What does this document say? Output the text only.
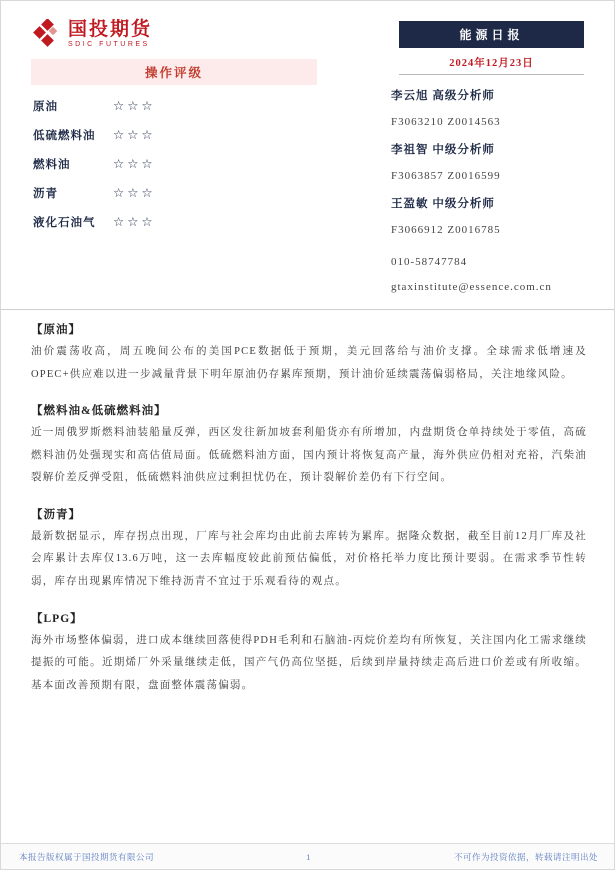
国投期货
SDIC FUTURES
能源日报
2024年12月23日
操作评级
原油	☆☆☆
低硫燃料油 ☆☆☆
燃料油	☆☆☆
沥青	☆☆☆
液化石油气 ☆☆☆
李云旭 高级分析师
F3063210 Z0014563
李祖智 中级分析师
F3063857 Z0016599
王盈敏 中级分析师
F3066912 Z0016785
010-58747784
gtaxinstitute@essence.com.cn
【原油】
油价震荡收高，周五晚间公布的美国PCE数据低于预期，美元回落给与油价支撑。全球需求低增速及OPEC+供应难以进一步减量背景下明年原油仍存累库预期，预计油价延续震荡偏弱格局，关注地缘风险。
【燃料油&低硫燃料油】
近一周俄罗斯燃料油装船量反弹，西区发往新加坡套利船货亦有所增加，内盘期货仓单持续处于零值，高硫燃料油仍处强现实和高估值局面。低硫燃料油方面，国内预计将恢复高产量，海外供应仍相对充裕，汽柴油裂解价差反弹受阻，低硫燃料油供应过剩担忧仍在，预计裂解价差仍有下行空间。
【沥青】
最新数据显示，库存拐点出现，厂库与社会库均由此前去库转为累库。据隆众数据，截至目前12月厂库及社会库累计去库仅13.6万吨，这一去库幅度较此前预估偏低，对价格托举力度比预计要弱。在需求季节性转弱，库存出现累库情况下维持沥青不宜过于乐观看待的观点。
【LPG】
海外市场整体偏弱，进口成本继续回落使得PDH毛利和石脑油-丙烷价差均有所恢复，关注国内化工需求继续提振的可能。近期烯厂外采量继续走低，国产气仍高位坚挺，后续到岸量持续走高后进口价差或有所收缩。基本面改善预期有限，盘面整体震荡偏弱。
本报告版权属于国投期货有限公司	1	不可作为投资依据，转载请注明出处
